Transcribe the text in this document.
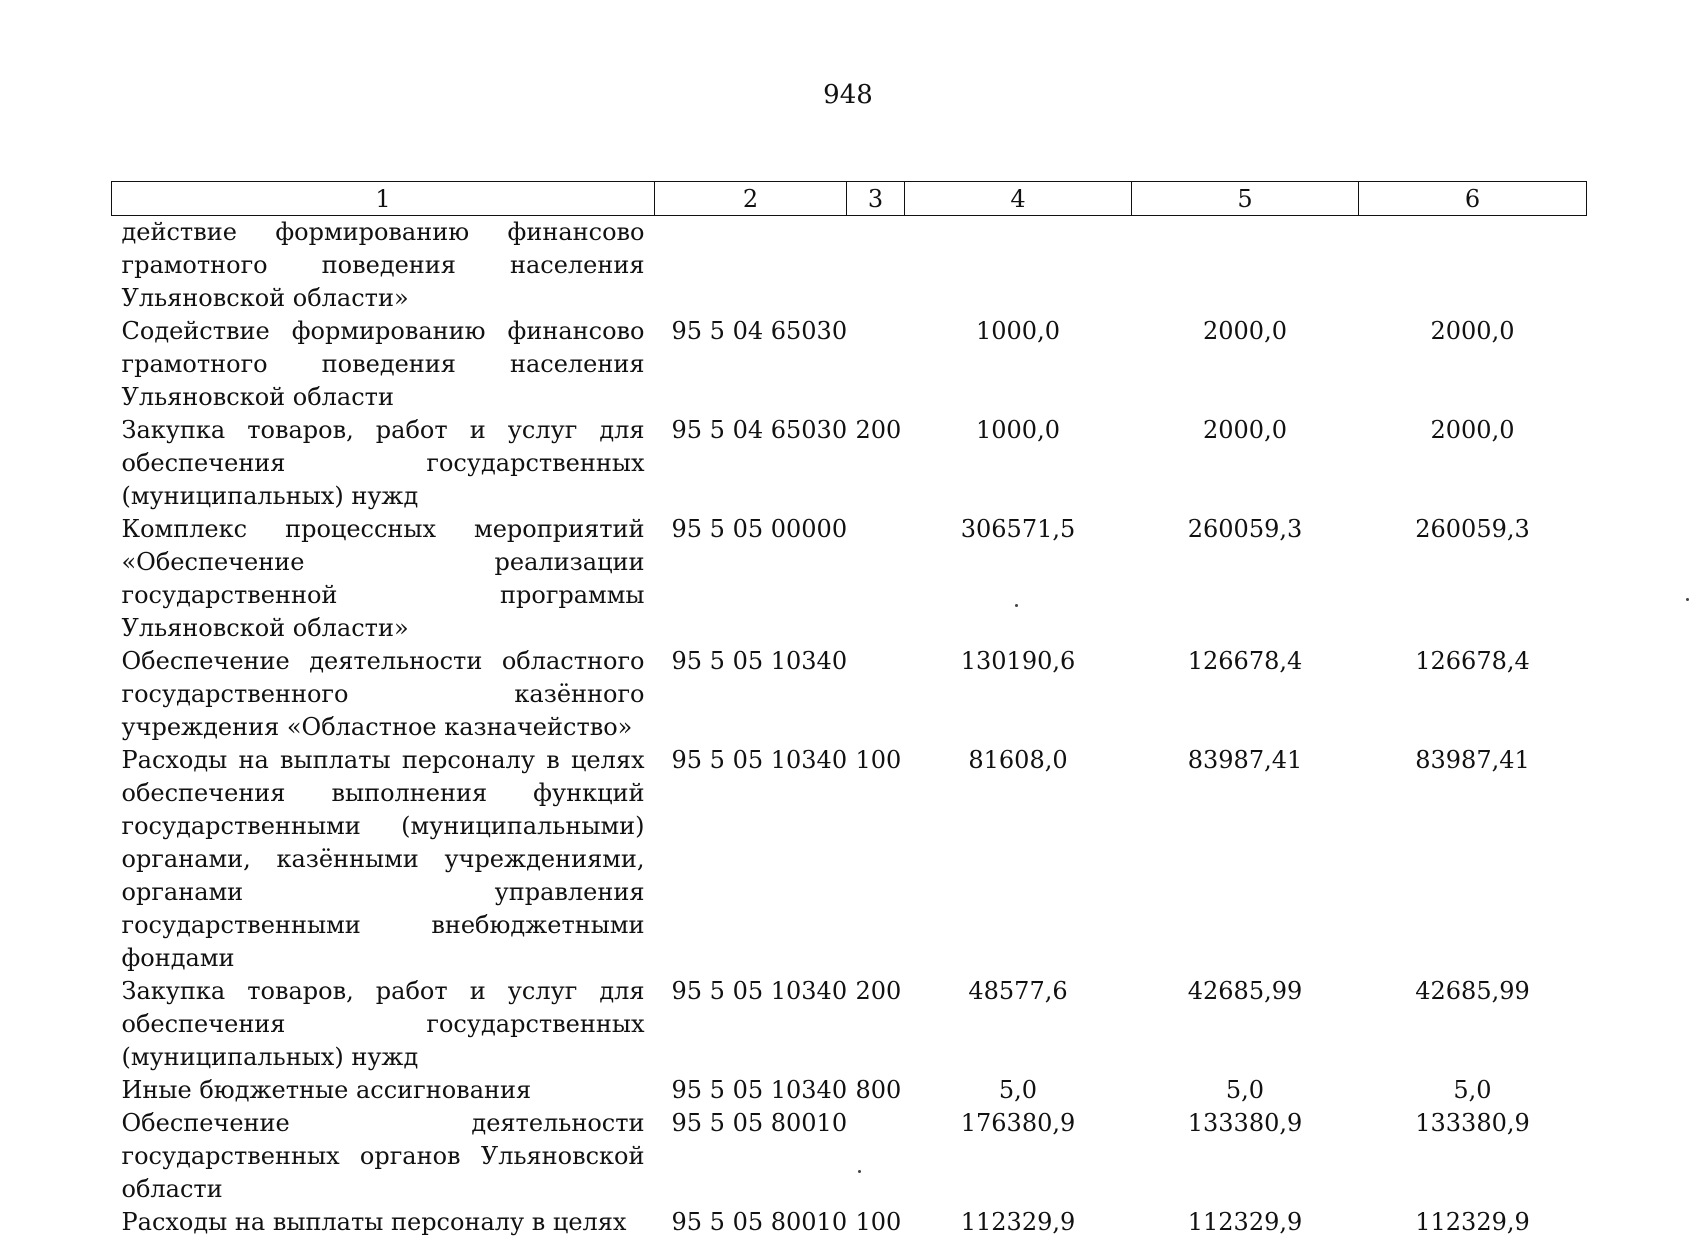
948
1	2	3	4	5	6
действие формированию финансово грамотного поведения населения Ульяновской области»					
Содействие формированию финансово грамотного поведения населения Ульяновской области	95 5 04 65030		1000,0	2000,0	2000,0
Закупка товаров, работ и услуг для обеспечения государственных (муниципальных) нужд	95 5 04 65030	200	1000,0	2000,0	2000,0
Комплекс процессных мероприятий «Обеспечение реализации государственной программы Ульяновской области»	95 5 05 00000		306571,5	260059,3	260059,3
Обеспечение деятельности областного государственного казённого учреждения «Областное казначейство»	95 5 05 10340		130190,6	126678,4	126678,4
Расходы на выплаты персоналу в целях обеспечения выполнения функций государственными (муниципальными) органами, казёнными учреждениями, органами управления государственными внебюджетными фондами	95 5 05 10340	100	81608,0	83987,41	83987,41
Закупка товаров, работ и услуг для обеспечения государственных (муниципальных) нужд	95 5 05 10340	200	48577,6	42685,99	42685,99
Иные бюджетные ассигнования	95 5 05 10340	800	5,0	5,0	5,0
Обеспечение деятельности государственных органов Ульяновской области	95 5 05 80010		176380,9	133380,9	133380,9
Расходы на выплаты персоналу в целях	95 5 05 80010	100	112329,9	112329,9	112329,9
